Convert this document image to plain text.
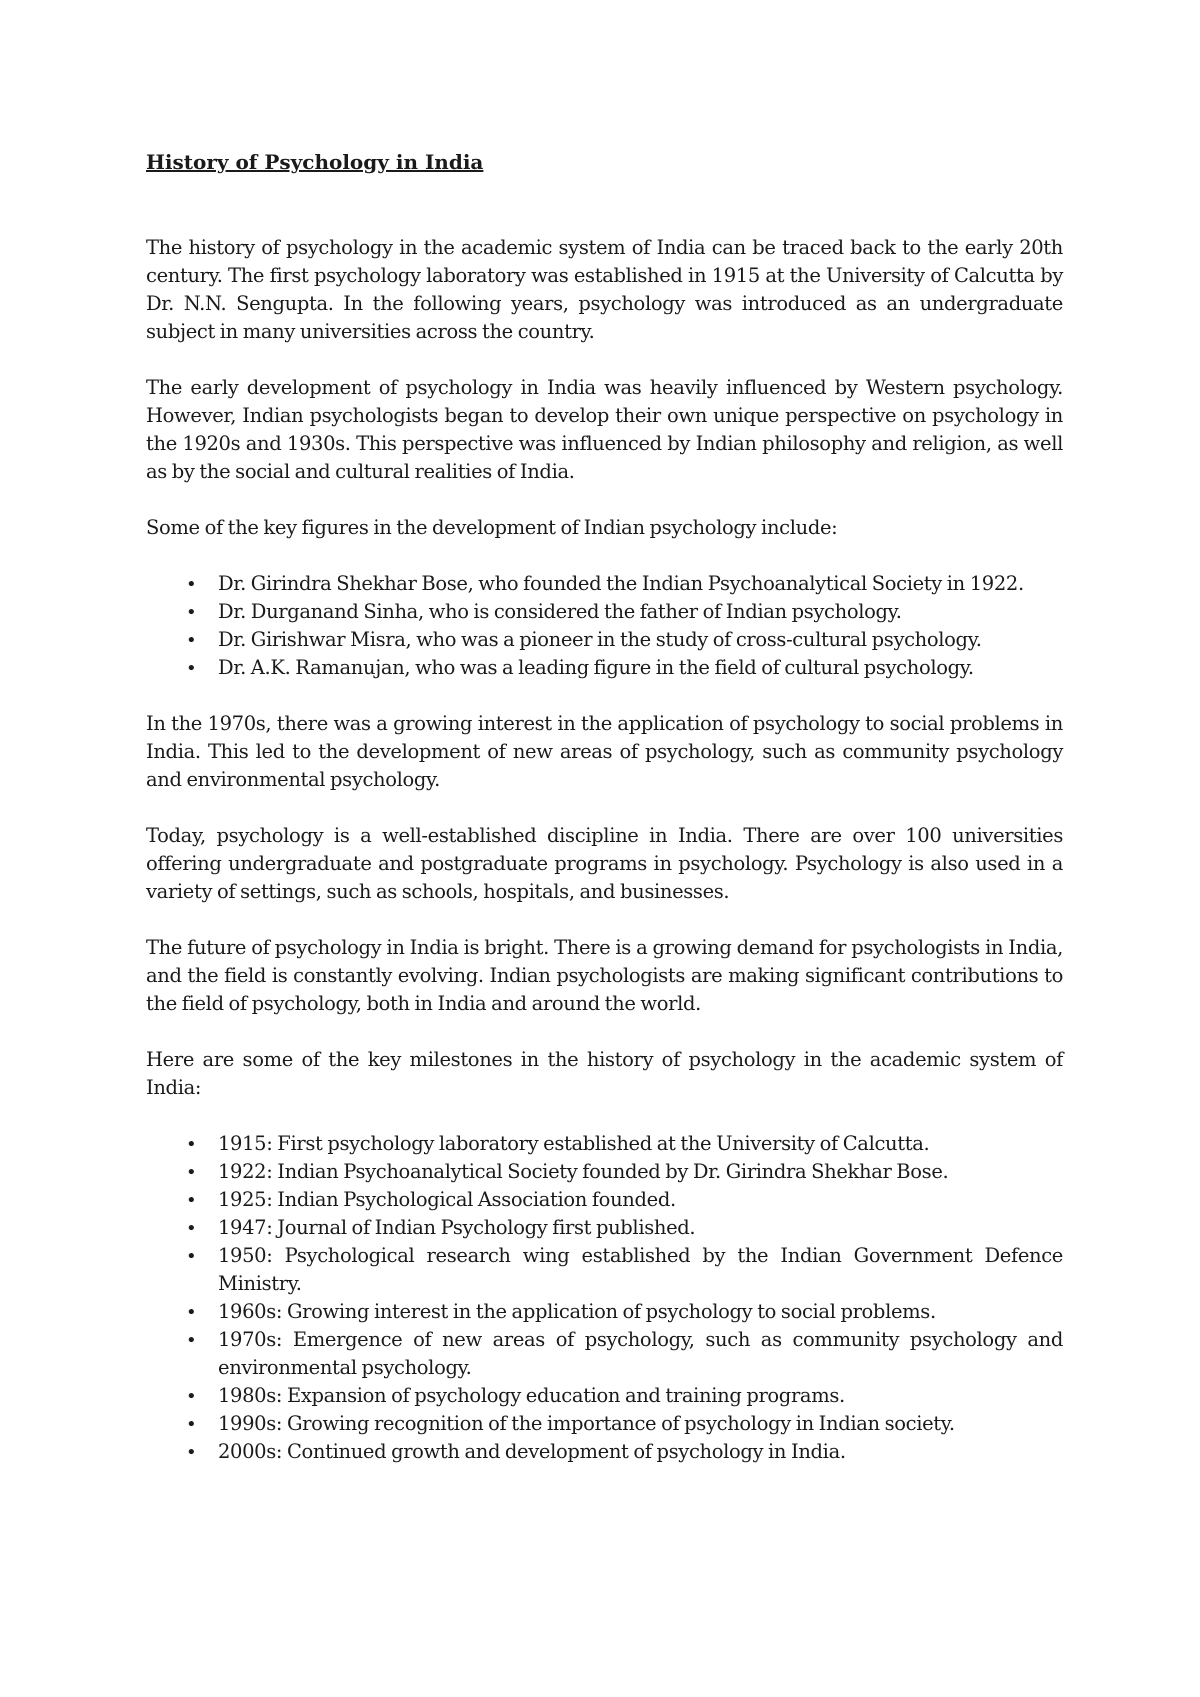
History of Psychology in India

The history of psychology in the academic system of India can be traced back to the early 20th century. The first psychology laboratory was established in 1915 at the University of Calcutta by Dr. N.N. Sengupta. In the following years, psychology was introduced as an undergraduate subject in many universities across the country.

The early development of psychology in India was heavily influenced by Western psychology. However, Indian psychologists began to develop their own unique perspective on psychology in the 1920s and 1930s. This perspective was influenced by Indian philosophy and religion, as well as by the social and cultural realities of India.

Some of the key figures in the development of Indian psychology include:

•
Dr. Girindra Shekhar Bose, who founded the Indian Psychoanalytical Society in 1922.
•
Dr. Durganand Sinha, who is considered the father of Indian psychology.
•
Dr. Girishwar Misra, who was a pioneer in the study of cross-cultural psychology.
•
Dr. A.K. Ramanujan, who was a leading figure in the field of cultural psychology.

In the 1970s, there was a growing interest in the application of psychology to social problems in India. This led to the development of new areas of psychology, such as community psychology and environmental psychology.

Today, psychology is a well-established discipline in India. There are over 100 universities offering undergraduate and postgraduate programs in psychology. Psychology is also used in a variety of settings, such as schools, hospitals, and businesses.

The future of psychology in India is bright. There is a growing demand for psychologists in India, and the field is constantly evolving. Indian psychologists are making significant contributions to the field of psychology, both in India and around the world.

Here are some of the key milestones in the history of psychology in the academic system of India:

•
1915: First psychology laboratory established at the University of Calcutta.
•
1922: Indian Psychoanalytical Society founded by Dr. Girindra Shekhar Bose.
•
1925: Indian Psychological Association founded.
•
1947: Journal of Indian Psychology first published.
•
1950: Psychological research wing established by the Indian Government Defence Ministry.
•
1960s: Growing interest in the application of psychology to social problems.
•
1970s: Emergence of new areas of psychology, such as community psychology and environmental psychology.
•
1980s: Expansion of psychology education and training programs.
•
1990s: Growing recognition of the importance of psychology in Indian society.
•
2000s: Continued growth and development of psychology in India.
